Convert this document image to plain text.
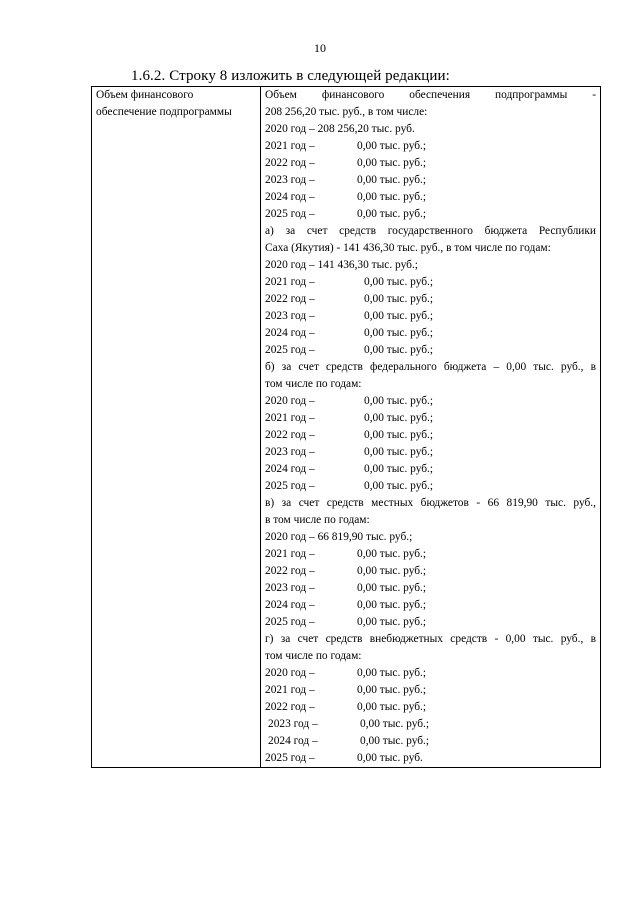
10
1.6.2. Строку 8 изложить в следующей редакции:
Объем финансового
обеспечение подпрограммы

Объем финансового обеспечения подпрограммы -
208 256,20 тыс. руб., в том числе:
2020 год – 208 256,20 тыс. руб.
2021 год –	0,00 тыс. руб.;
2022 год –	0,00 тыс. руб.;
2023 год –	0,00 тыс. руб.;
2024 год –	0,00 тыс. руб.;
2025 год –	0,00 тыс. руб.;
а) за счет средств государственного бюджета Республики
Саха (Якутия) - 141 436,30 тыс. руб., в том числе по годам:
2020 год – 141 436,30 тыс. руб.;
2021 год –	0,00 тыс. руб.;
2022 год –	0,00 тыс. руб.;
2023 год –	0,00 тыс. руб.;
2024 год –	0,00 тыс. руб.;
2025 год –	0,00 тыс. руб.;
б) за счет средств федерального бюджета – 0,00 тыс. руб., в
том числе по годам:
2020 год –	0,00 тыс. руб.;
2021 год –	0,00 тыс. руб.;
2022 год –	0,00 тыс. руб.;
2023 год –	0,00 тыс. руб.;
2024 год –	0,00 тыс. руб.;
2025 год –	0,00 тыс. руб.;
в) за счет средств местных бюджетов - 66 819,90 тыс. руб.,
в том числе по годам:
2020 год – 66 819,90 тыс. руб.;
2021 год –	0,00 тыс. руб.;
2022 год –	0,00 тыс. руб.;
2023 год –	0,00 тыс. руб.;
2024 год –	0,00 тыс. руб.;
2025 год –	0,00 тыс. руб.;
г) за счет средств внебюджетных средств - 0,00 тыс. руб., в
том числе по годам:
2020 год –	0,00 тыс. руб.;
2021 год –	0,00 тыс. руб.;
2022 год –	0,00 тыс. руб.;
2023 год –	0,00 тыс. руб.;
2024 год –	0,00 тыс. руб.;
2025 год –	0,00 тыс. руб.
